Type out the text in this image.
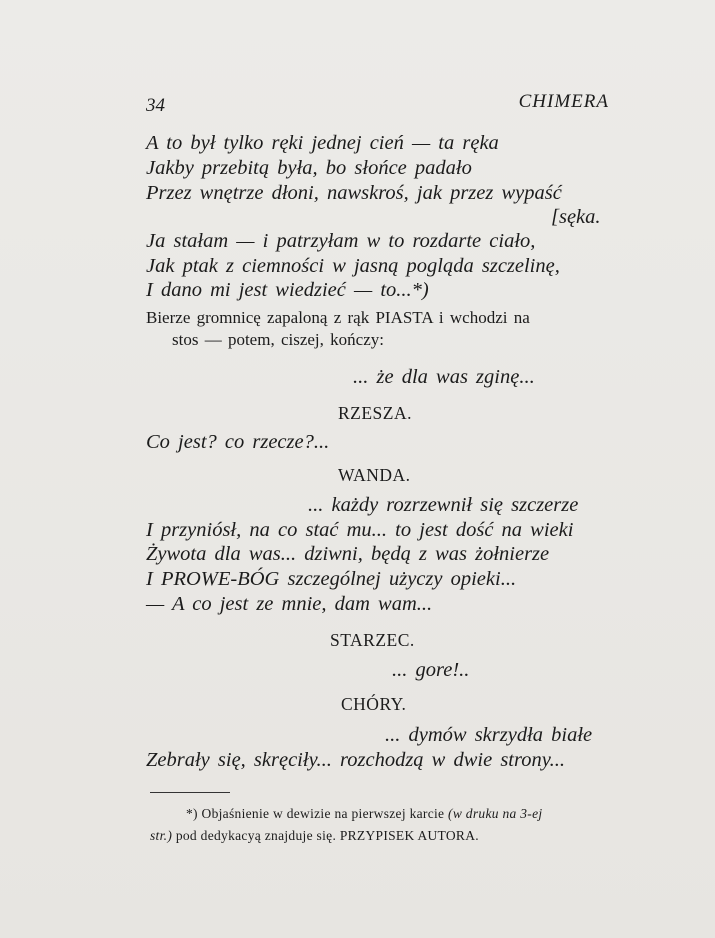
34	CHIMERA
A to był tylko ręki jednej cień — ta ręka
Jakby przebitą była, bo słońce padało
Przez wnętrze dłoni, nawskroś, jak przez wypaść
[sęka.
Ja stałam — i patrzyłam w to rozdarte ciało,
Jak ptak z ciemności w jasną pogląda szczelinę,
I dano mi jest wiedzieć — to...*)
Bierze gromnicę zapaloną z rąk PIASTA i wchodzi na
stos — potem, ciszej, kończy:
... że dla was zginę...
RZESZA.
Co jest? co rzecze?...
WANDA.
... każdy rozrzewnił się szczerze
I przyniósł, na co stać mu... to jest dość na wieki
Żywota dla was... dziwni, będą z was żołnierze
I PROWE-BÓG szczególnej użyczy opieki...
— A co jest ze mnie, dam wam...
STARZEC.
... gore!..
CHÓRY.
... dymów skrzydła białe
Zebrały się, skręciły... rozchodzą w dwie strony...
*) Objaśnienie w dewizie na pierwszej karcie (w druku na 3-ej
str.) pod dedykacyą znajduje się. PRZYPISEK AUTORA.
